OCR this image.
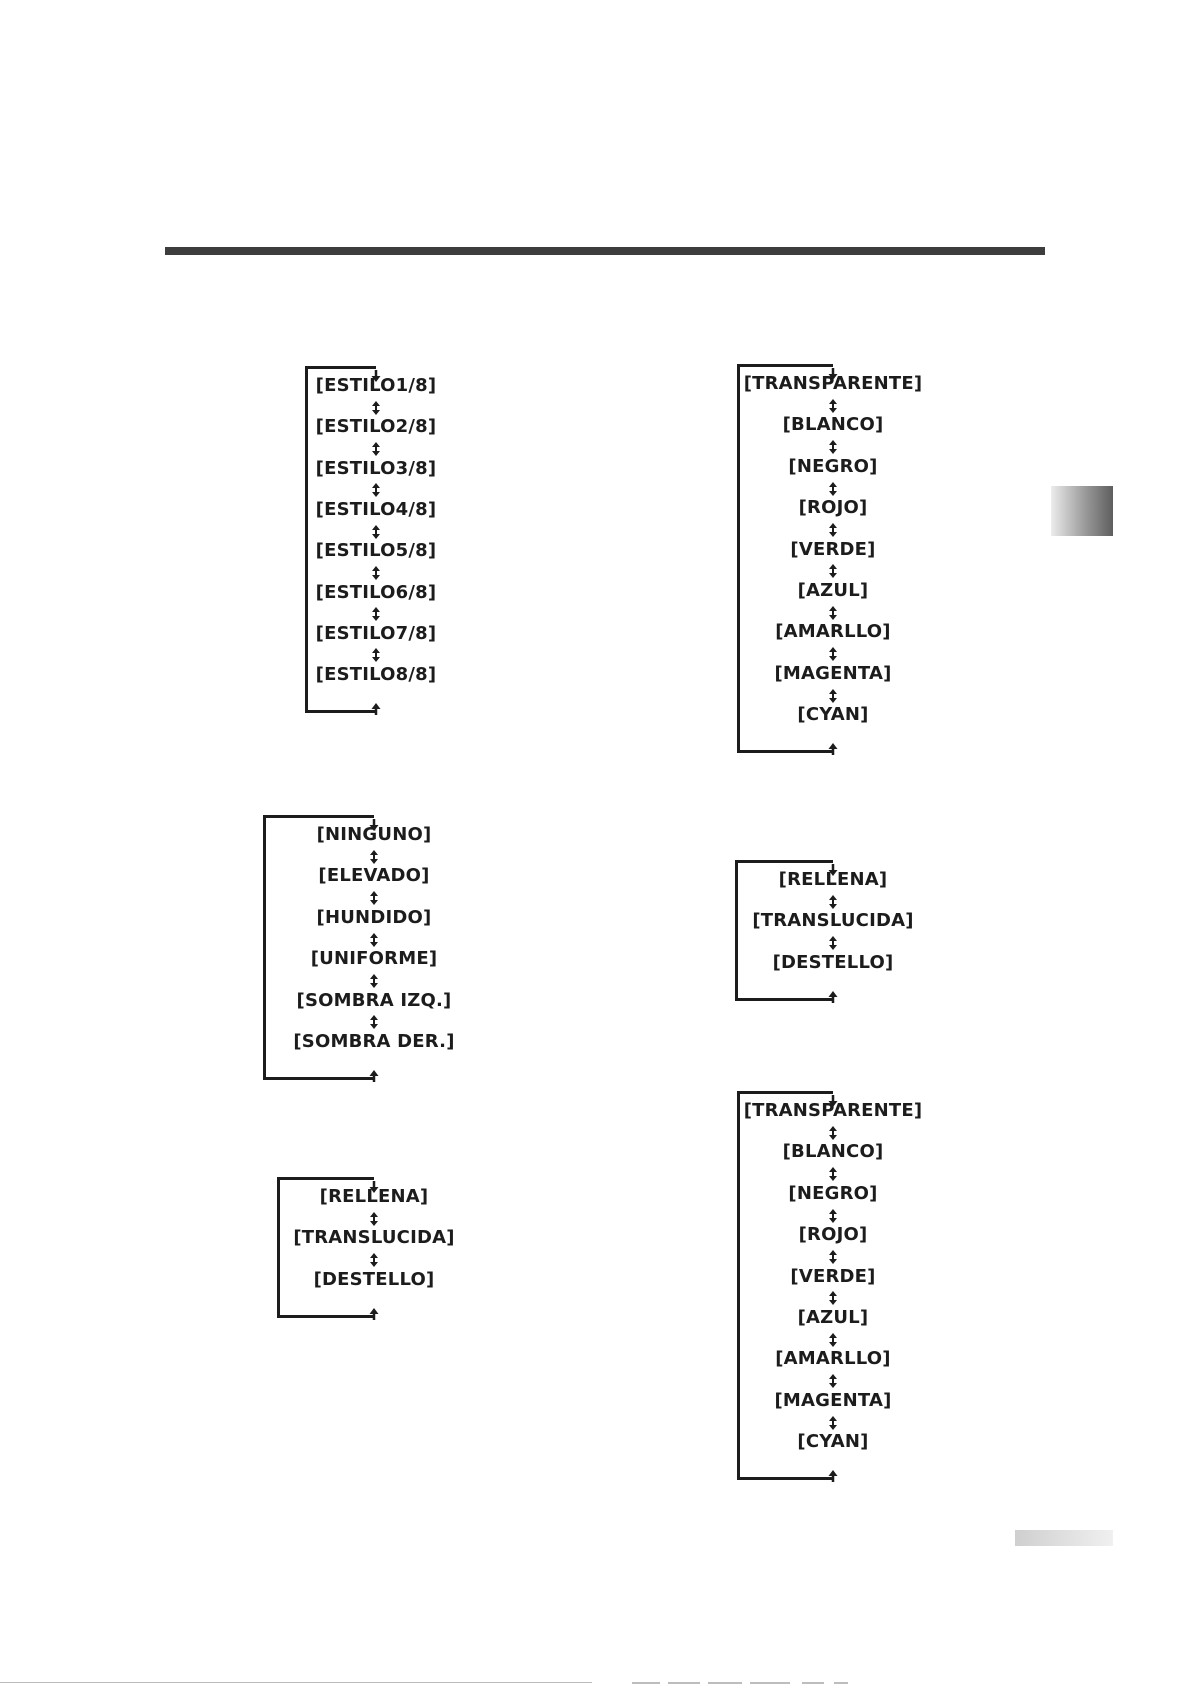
[ESTILO1/8]
[ESTILO2/8]
[ESTILO3/8]
[ESTILO4/8]
[ESTILO5/8]
[ESTILO6/8]
[ESTILO7/8]
[ESTILO8/8]
[NINGUNO]
[ELEVADO]
[HUNDIDO]
[UNIFORME]
[SOMBRA IZQ.]
[SOMBRA DER.]
[RELLENA]
[TRANSLUCIDA]
[DESTELLO]
[TRANSPARENTE]
[BLANCO]
[NEGRO]
[ROJO]
[VERDE]
[AZUL]
[AMARLLO]
[MAGENTA]
[CYAN]
[RELLENA]
[TRANSLUCIDA]
[DESTELLO]
[TRANSPARENTE]
[BLANCO]
[NEGRO]
[ROJO]
[VERDE]
[AZUL]
[AMARLLO]
[MAGENTA]
[CYAN]
